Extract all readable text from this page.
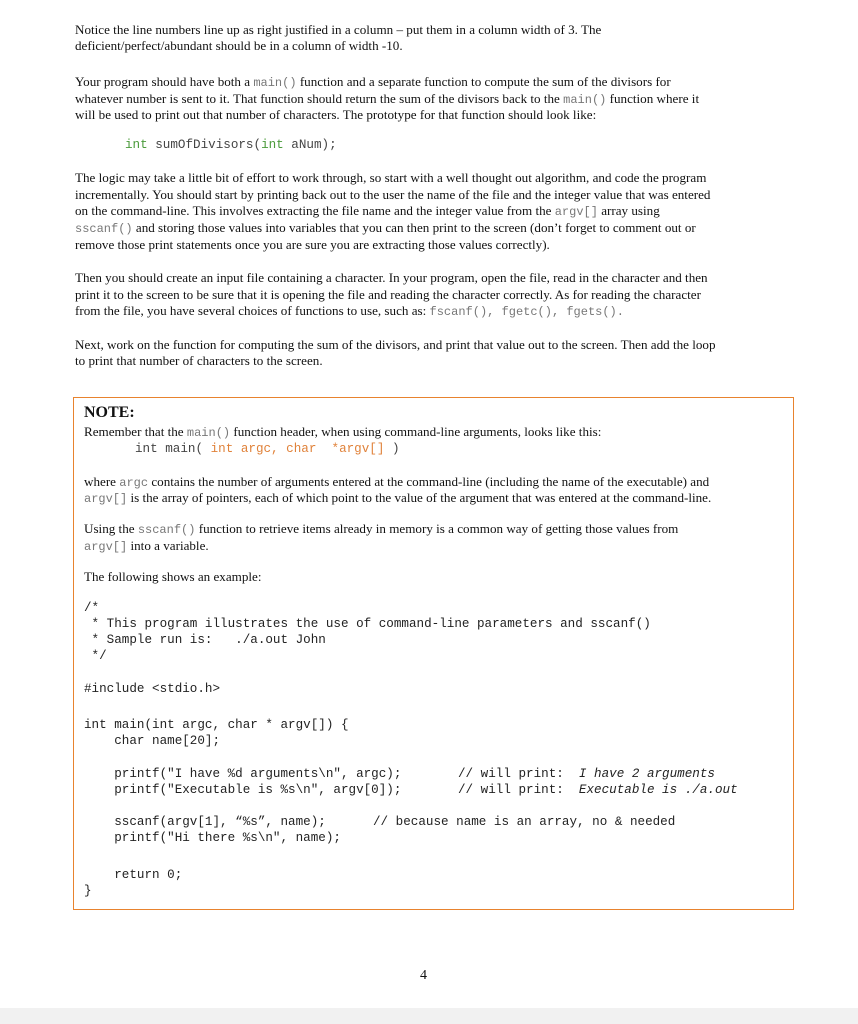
Notice the line numbers line up as right justified in a column – put them in a column width of 3. The
deficient/perfect/abundant should be in a column of width -10.
Your program should have both a main() function and a separate function to compute the sum of the divisors for
whatever number is sent to it. That function should return the sum of the divisors back to the main() function where it
will be used to print out that number of characters. The prototype for that function should look like:
int sumOfDivisors(int aNum);
The logic may take a little bit of effort to work through, so start with a well thought out algorithm, and code the program
incrementally. You should start by printing back out to the user the name of the file and the integer value that was entered
on the command-line. This involves extracting the file name and the integer value from the argv[] array using
sscanf() and storing those values into variables that you can then print to the screen (don’t forget to comment out or
remove those print statements once you are sure you are extracting those values correctly).
Then you should create an input file containing a character. In your program, open the file, read in the character and then
print it to the screen to be sure that it is opening the file and reading the character correctly. As for reading the character
from the file, you have several choices of functions to use, such as: fscanf(), fgetc(), fgets().
Next, work on the function for computing the sum of the divisors, and print that value out to the screen. Then add the loop
to print that number of characters to the screen.
NOTE:
Remember that the main() function header, when using command-line arguments, looks like this:
int main( int argc, char  *argv[] )
where argc contains the number of arguments entered at the command-line (including the name of the executable) and
argv[] is the array of pointers, each of which point to the value of the argument that was entered at the command-line.
Using the sscanf() function to retrieve items already in memory is a common way of getting those values from
argv[] into a variable.
The following shows an example:
/*
* This program illustrates the use of command-line parameters and sscanf()
* Sample run is:   ./a.out John
*/
#include <stdio.h>
int main(int argc, char * argv[]) {
char name[20];
printf("I have %d arguments\n", argc);	// will print:  I have 2 arguments
printf("Executable is %s\n", argv[0]);	// will print:  Executable is ./a.out
sscanf(argv[1], “%s”, name);	// because name is an array, no & needed
printf("Hi there %s\n", name);
return 0;
}
4
